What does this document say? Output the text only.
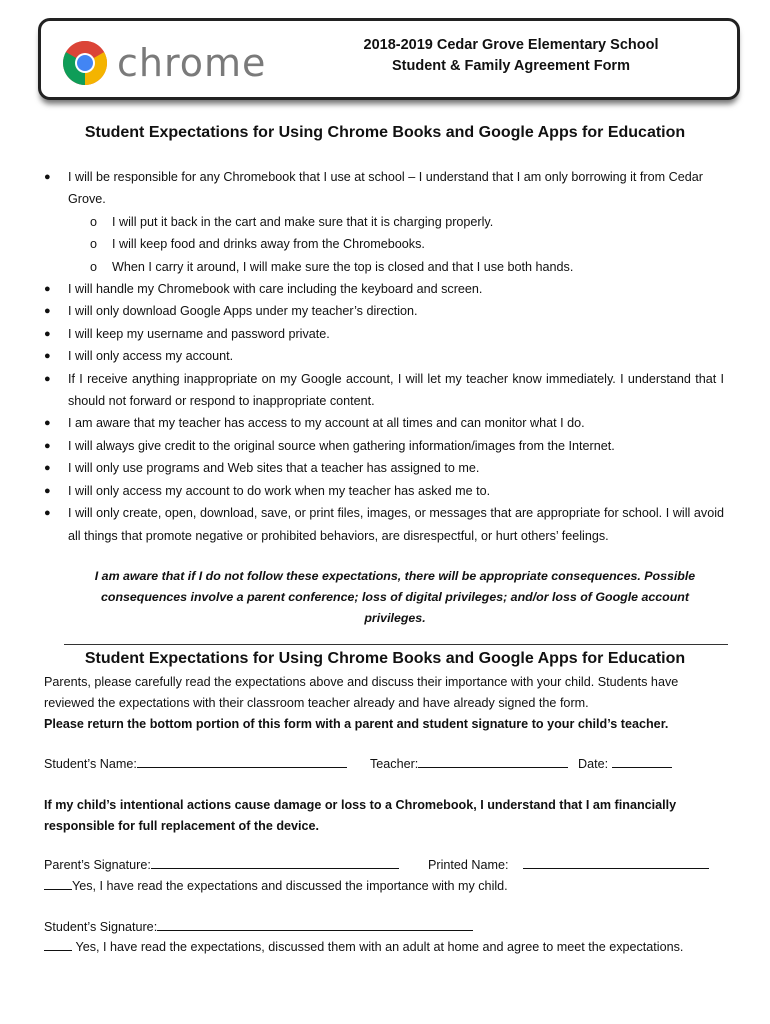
chrome	2018-2019 Cedar Grove Elementary School
Student & Family Agreement Form
Student Expectations for Using Chrome Books and Google Apps for Education
● I will be responsible for any Chromebook that I use at school – I understand that I am only borrowing it from Cedar Grove.
o I will put it back in the cart and make sure that it is charging properly.
o I will keep food and drinks away from the Chromebooks.
o When I carry it around, I will make sure the top is closed and that I use both hands.
● I will handle my Chromebook with care including the keyboard and screen.
● I will only download Google Apps under my teacher’s direction.
● I will keep my username and password private.
● I will only access my account.
● If I receive anything inappropriate on my Google account, I will let my teacher know immediately. I understand that I should not forward or respond to inappropriate content.
● I am aware that my teacher has access to my account at all times and can monitor what I do.
● I will always give credit to the original source when gathering information/images from the Internet.
● I will only use programs and Web sites that a teacher has assigned to me.
● I will only access my account to do work when my teacher has asked me to.
● I will only create, open, download, save, or print files, images, or messages that are appropriate for school. I will avoid all things that promote negative or prohibited behaviors, are disrespectful, or hurt others’ feelings.
I am aware that if I do not follow these expectations, there will be appropriate consequences. Possible consequences involve a parent conference; loss of digital privileges; and/or loss of Google account privileges.
Student Expectations for Using Chrome Books and Google Apps for Education
Parents, please carefully read the expectations above and discuss their importance with your child. Students have reviewed the expectations with their classroom teacher already and have already signed the form.
Please return the bottom portion of this form with a parent and student signature to your child’s teacher.
Student’s Name:	Teacher:	Date:
If my child’s intentional actions cause damage or loss to a Chromebook, I understand that I am financially responsible for full replacement of the device.
Parent’s Signature:	Printed Name:
Yes, I have read the expectations and discussed the importance with my child.
Student’s Signature:
Yes, I have read the expectations, discussed them with an adult at home and agree to meet the expectations.
